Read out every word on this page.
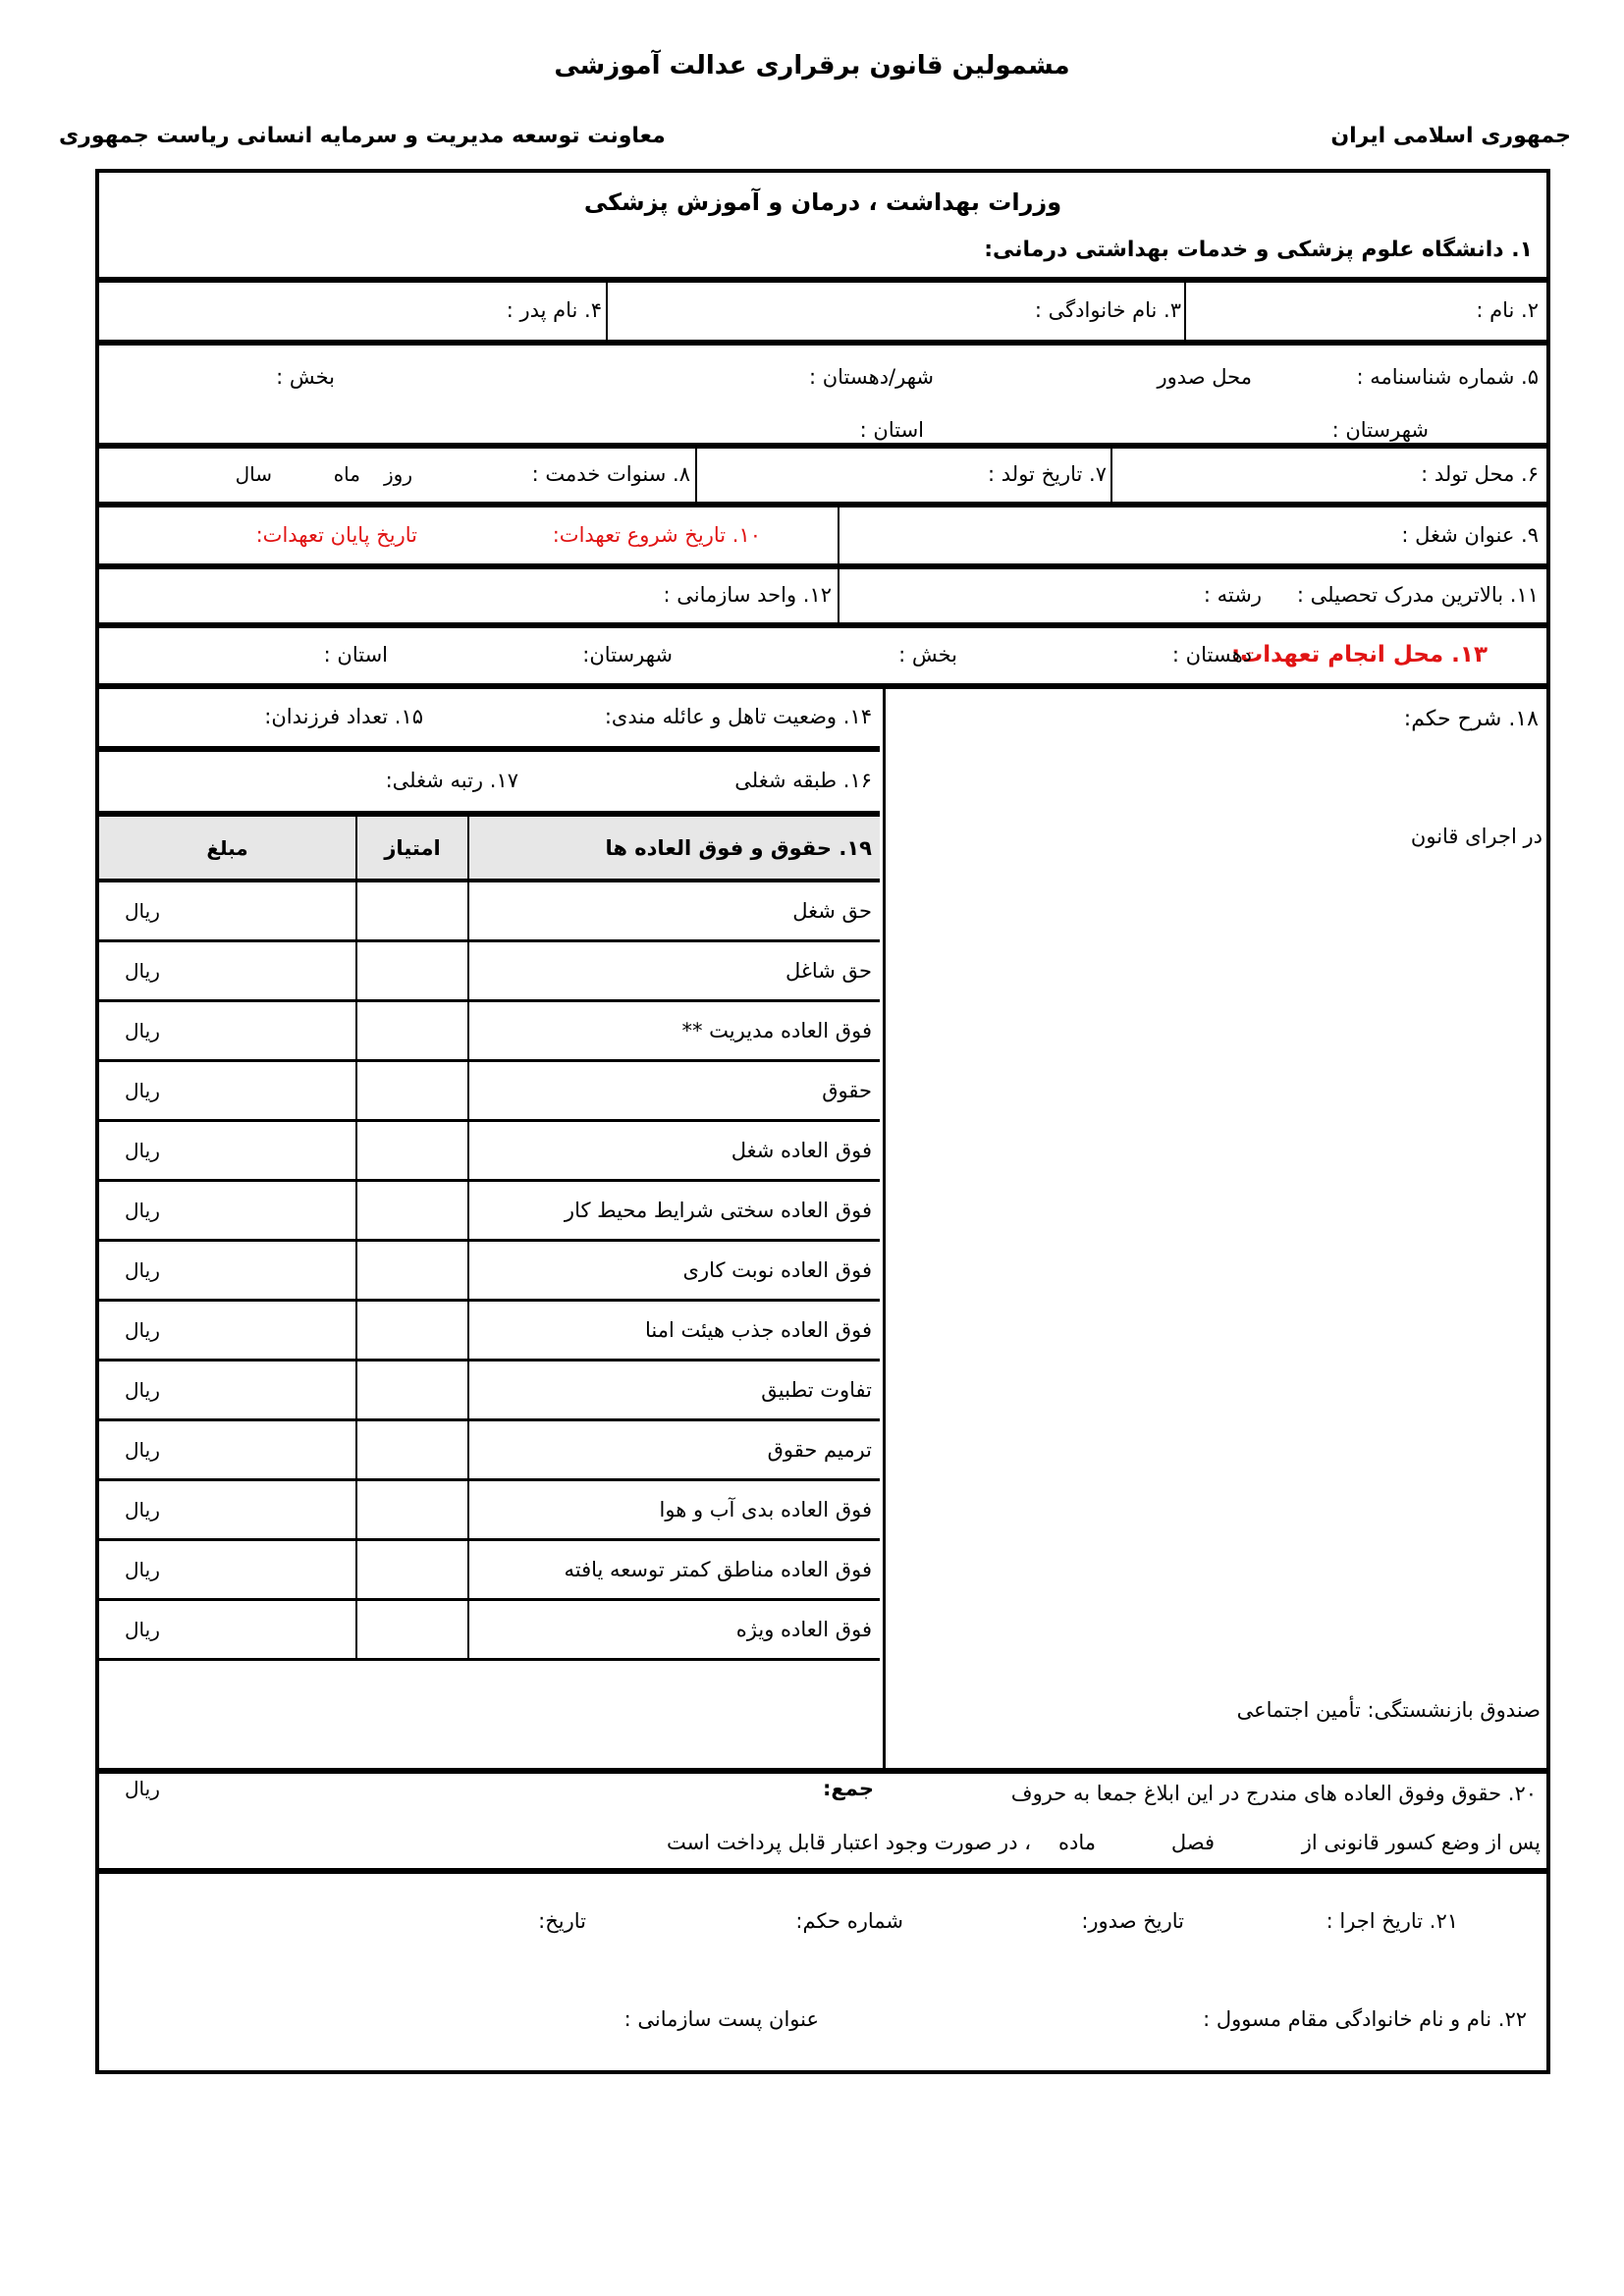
مشمولین قانون برقراری عدالت آموزشی
جمهوری اسلامی ایران
معاونت توسعه مدیریت و سرمایه انسانی ریاست جمهوری
وزرات بهداشت ، درمان و آموزش پزشکی
۱. دانشگاه علوم پزشکی و خدمات بهداشتی درمانی:
۲. نام :
۳. نام خانوادگی :
۴. نام پدر :
۵. شماره شناسنامه :
محل صدور
شهر/دهستان :
بخش :
شهرستان :
استان :
۶. محل تولد :
۷. تاریخ تولد :
۸. سنوات خدمت :
روز
ماه
سال
۹. عنوان شغل :
۱۰. تاریخ شروع تعهدات:
تاریخ پایان تعهدات:
۱۱. بالاترین مدرک تحصیلی :
رشته :
۱۲. واحد سازمانی :
۱۳. محل انجام تعهدات:
دهستان :
بخش :
شهرستان:
استان :
۱۸. شرح حکم:
در اجرای قانون
صندوق بازنشستگی: تأمین اجتماعی
۱۴. وضعیت تاهل و عائله مندی:
۱۵. تعداد فرزندان:
۱۶. طبقه شغلی
۱۷. رتبه شغلی:
۱۹. حقوق و فوق العاده ها
امتیاز
مبلغ
حق شغل
ریال
حق شاغل
ریال
فوق العاده مدیریت **
ریال
حقوق
ریال
فوق العاده شغل
ریال
فوق العاده سختی شرایط محیط کار
ریال
فوق العاده نوبت کاری
ریال
فوق العاده جذب هیئت امنا
ریال
تفاوت تطبیق
ریال
ترمیم حقوق
ریال
فوق العاده بدی آب و هوا
ریال
فوق العاده مناطق کمتر توسعه یافته
ریال
فوق العاده ویژه
ریال
جمع:
ریال	۲۰. حقوق وفوق العاده های مندرج در این ابلاغ جمعا به حروف
پس از وضع کسور قانونی از
فصل
ماده
، در صورت وجود اعتبار قابل پرداخت است
۲۱. تاریخ اجرا :
تاریخ صدور:
شماره حکم:
تاریخ:
۲۲. نام و نام خانوادگی مقام مسوول :
عنوان پست سازمانی :
